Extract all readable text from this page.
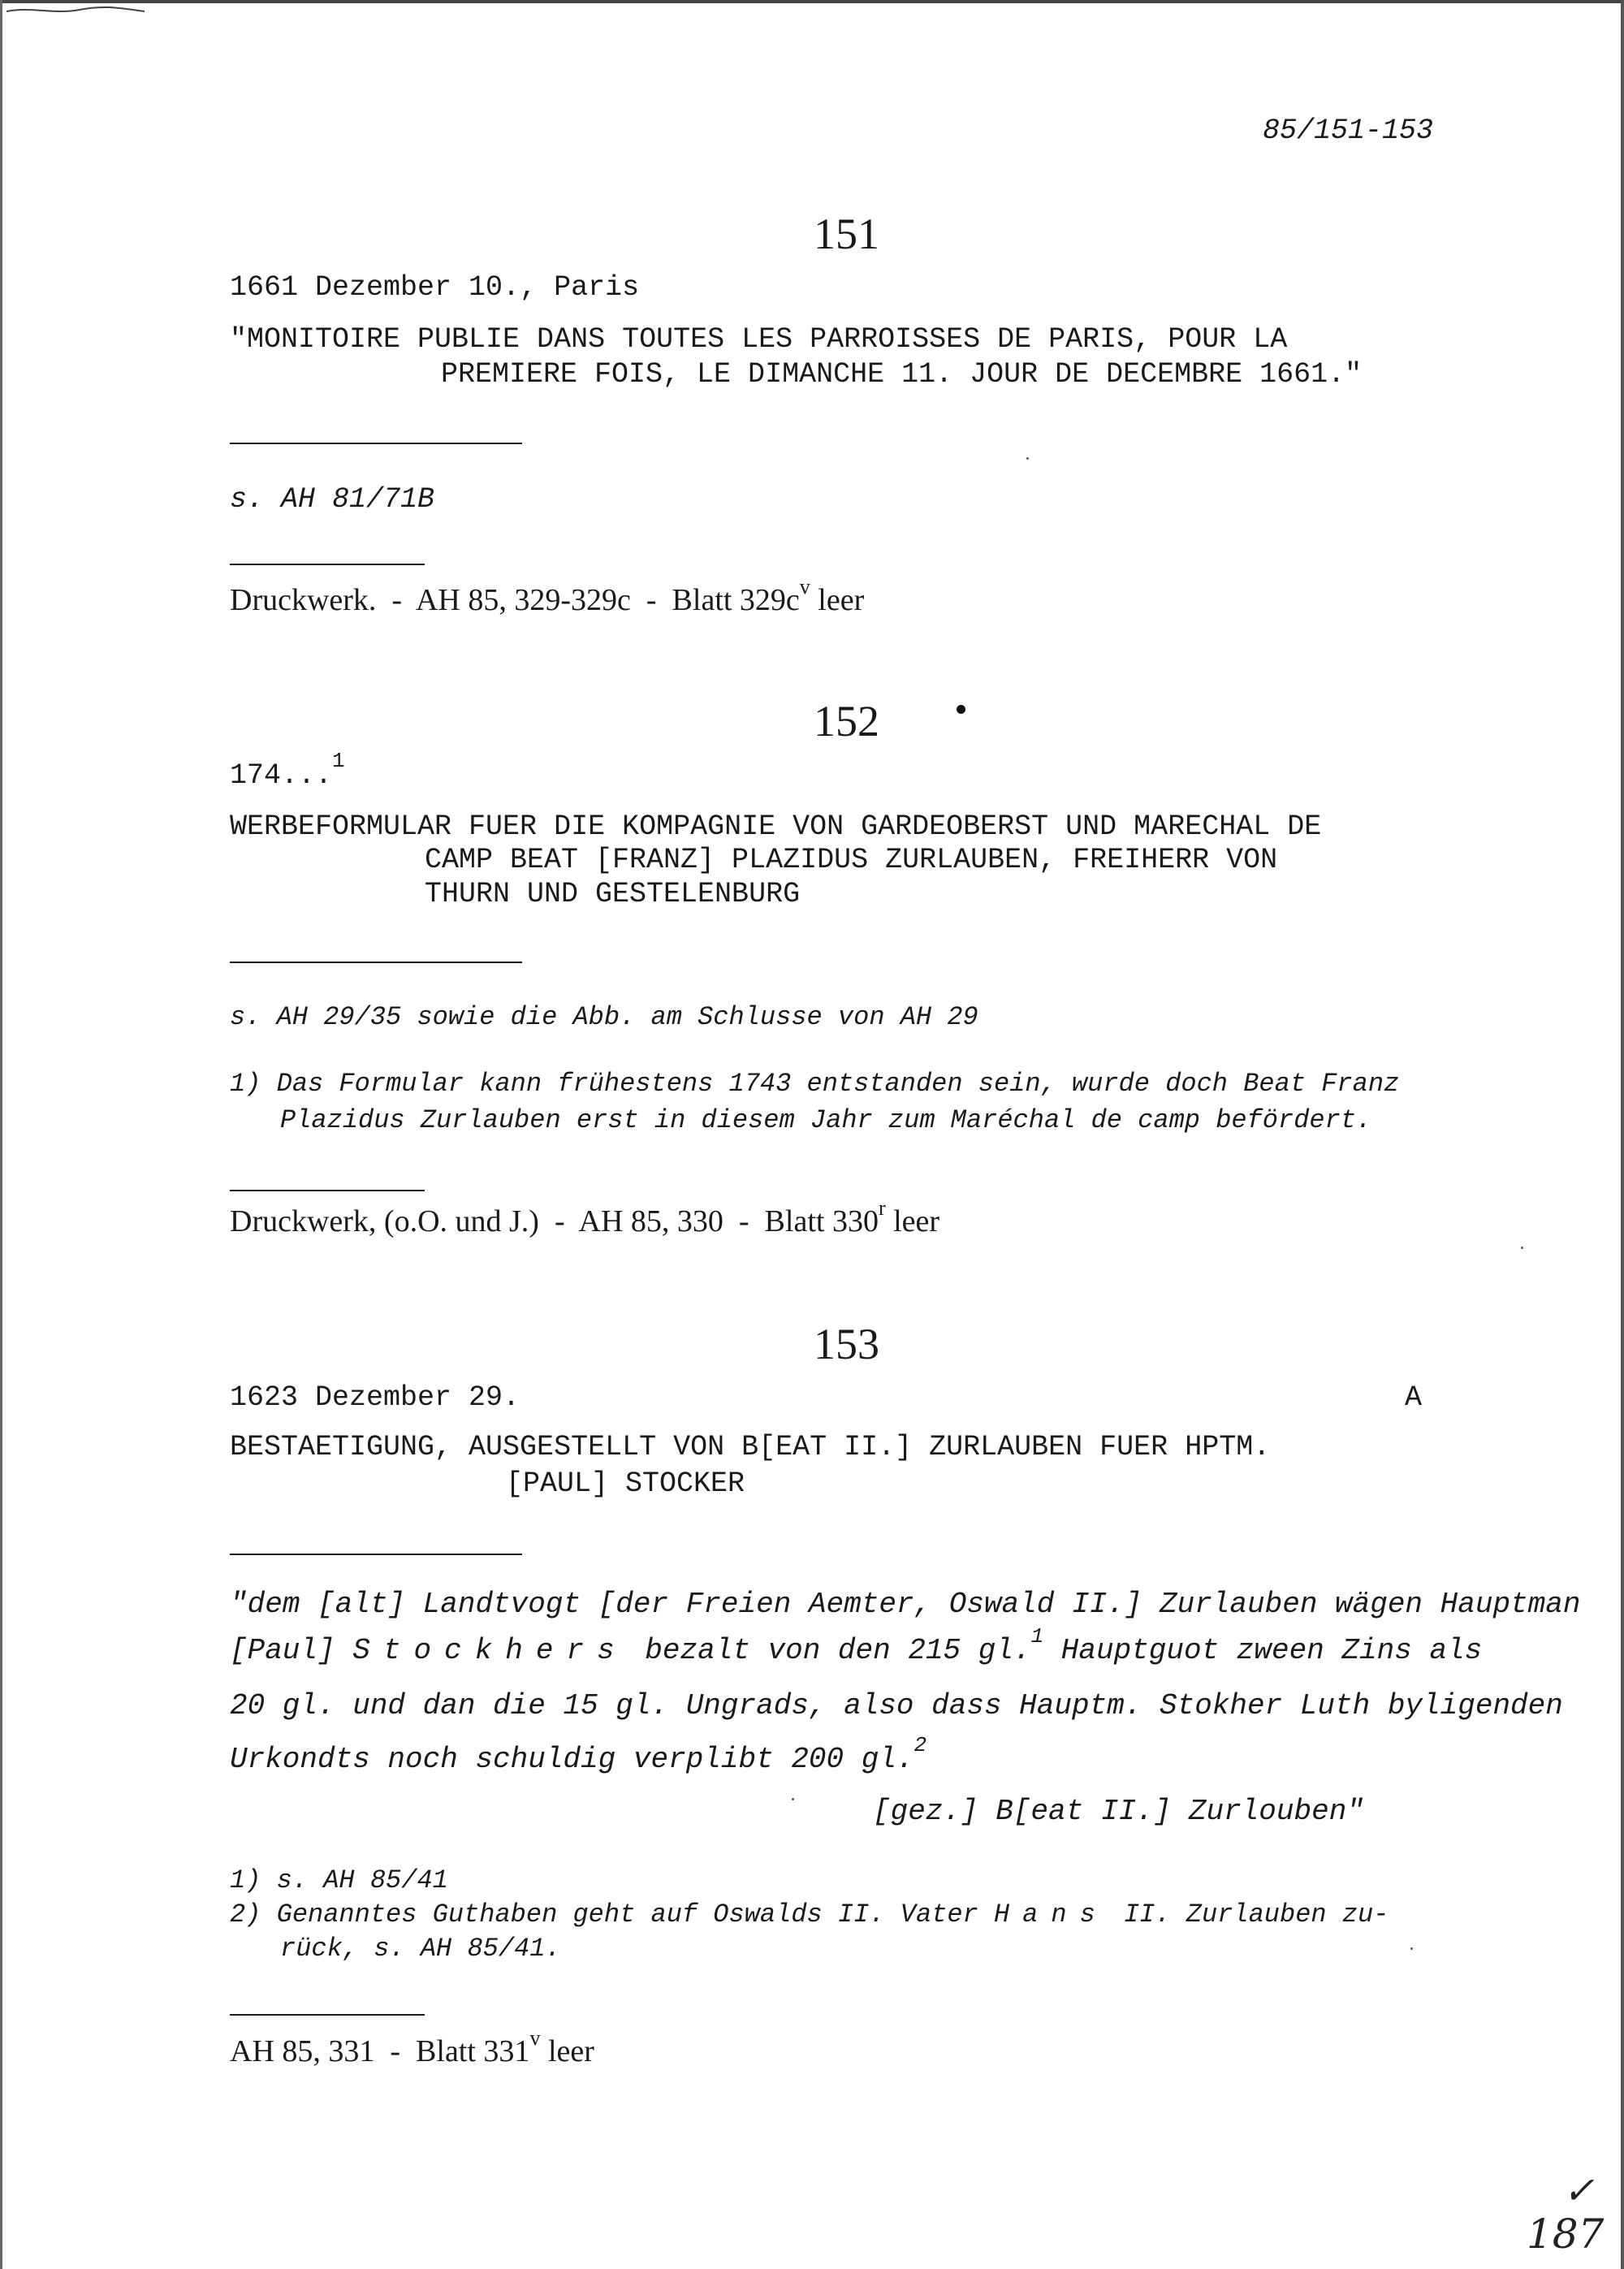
85/151-153
151
1661 Dezember 10., Paris
"MONITOIRE PUBLIE DANS TOUTES LES PARROISSES DE PARIS, POUR LA
PREMIERE FOIS, LE DIMANCHE 11. JOUR DE DECEMBRE 1661."
s. AH 81/71B
Druckwerk.  -  AH 85, 329-329c  -  Blatt $329c^v$ leer
152
174...$^1$
WERBEFORMULAR FUER DIE KOMPAGNIE VON GARDEOBERST UND MARECHAL DE
CAMP BEAT [FRANZ] PLAZIDUS ZURLAUBEN, FREIHERR VON
THURN UND GESTELENBURG
s. AH 29/35 sowie die Abb. am Schlusse von AH 29
1) Das Formular kann frühestens 1743 entstanden sein, wurde doch Beat Franz
Plazidus Zurlauben erst in diesem Jahr zum Maréchal de camp befördert.
Druckwerk, (o.O. und J.)  -  AH 85, 330  -  Blatt 330$^r$ leer
153
1623 Dezember 29.	A
BESTAETIGUNG, AUSGESTELLT VON B[EAT II.] ZURLAUBEN FUER HPTM.
[PAUL] STOCKER
"dem [alt] Landtvogt [der Freien Aemter, Oswald II.] Zurlauben wägen Hauptman
[Paul] Stockhers bezalt von den 215 gl.$^1$ Hauptguot zween Zins als
20 gl. und dan die 15 gl. Ungrads, also dass Hauptm. Stokher Luth byligenden
Urkondts noch schuldig verplibt 200 gl.$^2$
[gez.] B[eat II.] Zurlouben"
1) s. AH 85/41
2) Genanntes Guthaben geht auf Oswalds II. Vater Hans II. Zurlauben zu-
rück, s. AH 85/41.
AH 85, 331  -  Blatt 331$^v$ leer
✓
187
